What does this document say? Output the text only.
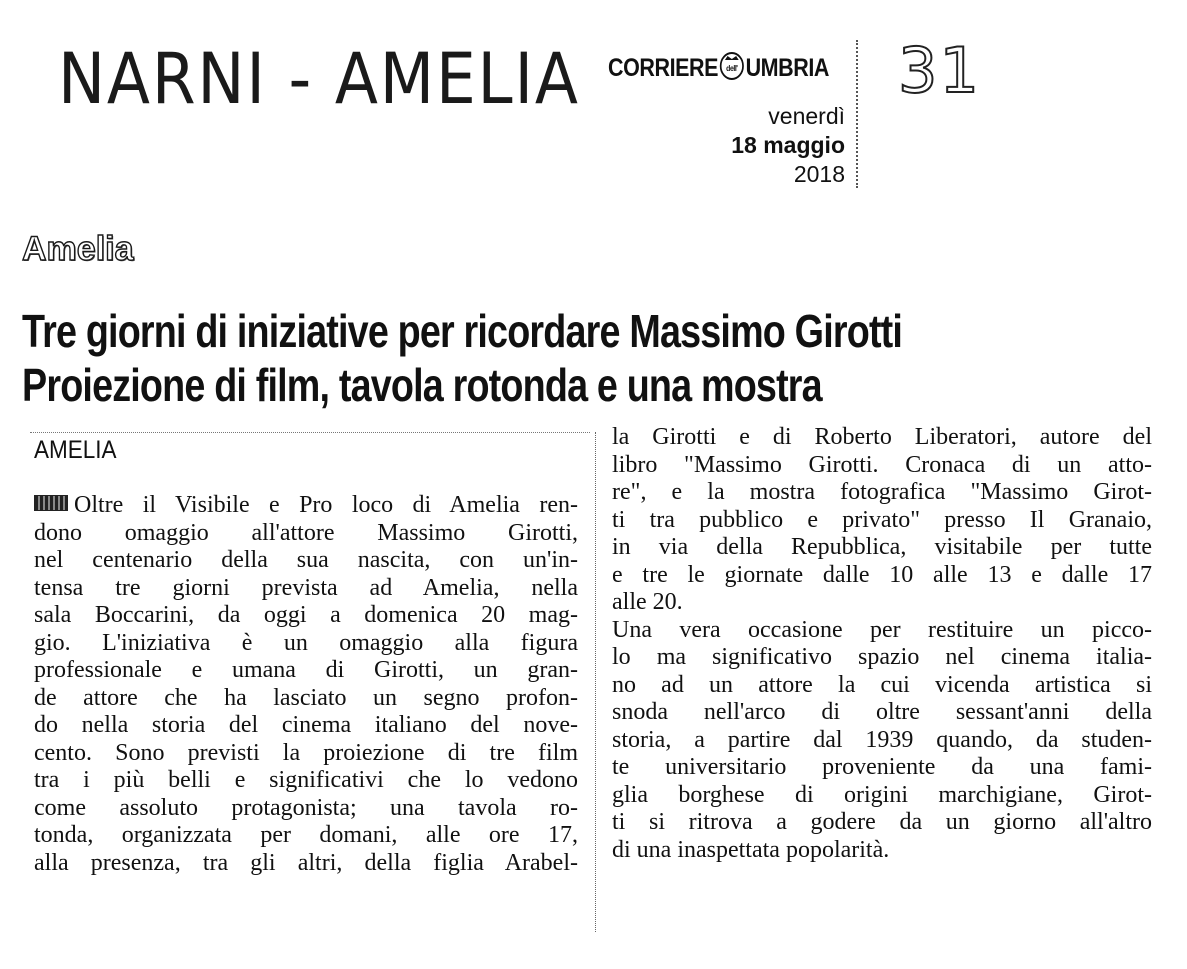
NARNI - AMELIA CORRIERE dell' UMBRIA
venerdì
18 maggio
2018
31
Amelia
Tre giorni di iniziative per ricordare Massimo Girotti
Proiezione di film, tavola rotonda e una mostra
AMELIA
Oltre il Visibile e Pro loco di Amelia ren-
dono omaggio all'attore Massimo Girotti,
nel centenario della sua nascita, con un'in-
tensa tre giorni prevista ad Amelia, nella
sala Boccarini, da oggi a domenica 20 mag-
gio. L'iniziativa è un omaggio alla figura
professionale e umana di Girotti, un gran-
de attore che ha lasciato un segno profon-
do nella storia del cinema italiano del nove-
cento. Sono previsti la proiezione di tre film
tra i più belli e significativi che lo vedono
come assoluto protagonista; una tavola ro-
tonda, organizzata per domani, alle ore 17,
alla presenza, tra gli altri, della figlia Arabel-
la Girotti e di Roberto Liberatori, autore del
libro "Massimo Girotti. Cronaca di un atto-
re", e la mostra fotografica "Massimo Girot-
ti tra pubblico e privato" presso Il Granaio,
in via della Repubblica, visitabile per tutte
e tre le giornate dalle 10 alle 13 e dalle 17
alle 20.
Una vera occasione per restituire un picco-
lo ma significativo spazio nel cinema italia-
no ad un attore la cui vicenda artistica si
snoda nell'arco di oltre sessant'anni della
storia, a partire dal 1939 quando, da studen-
te universitario proveniente da una fami-
glia borghese di origini marchigiane, Girot-
ti si ritrova a godere da un giorno all'altro
di una inaspettata popolarità.
